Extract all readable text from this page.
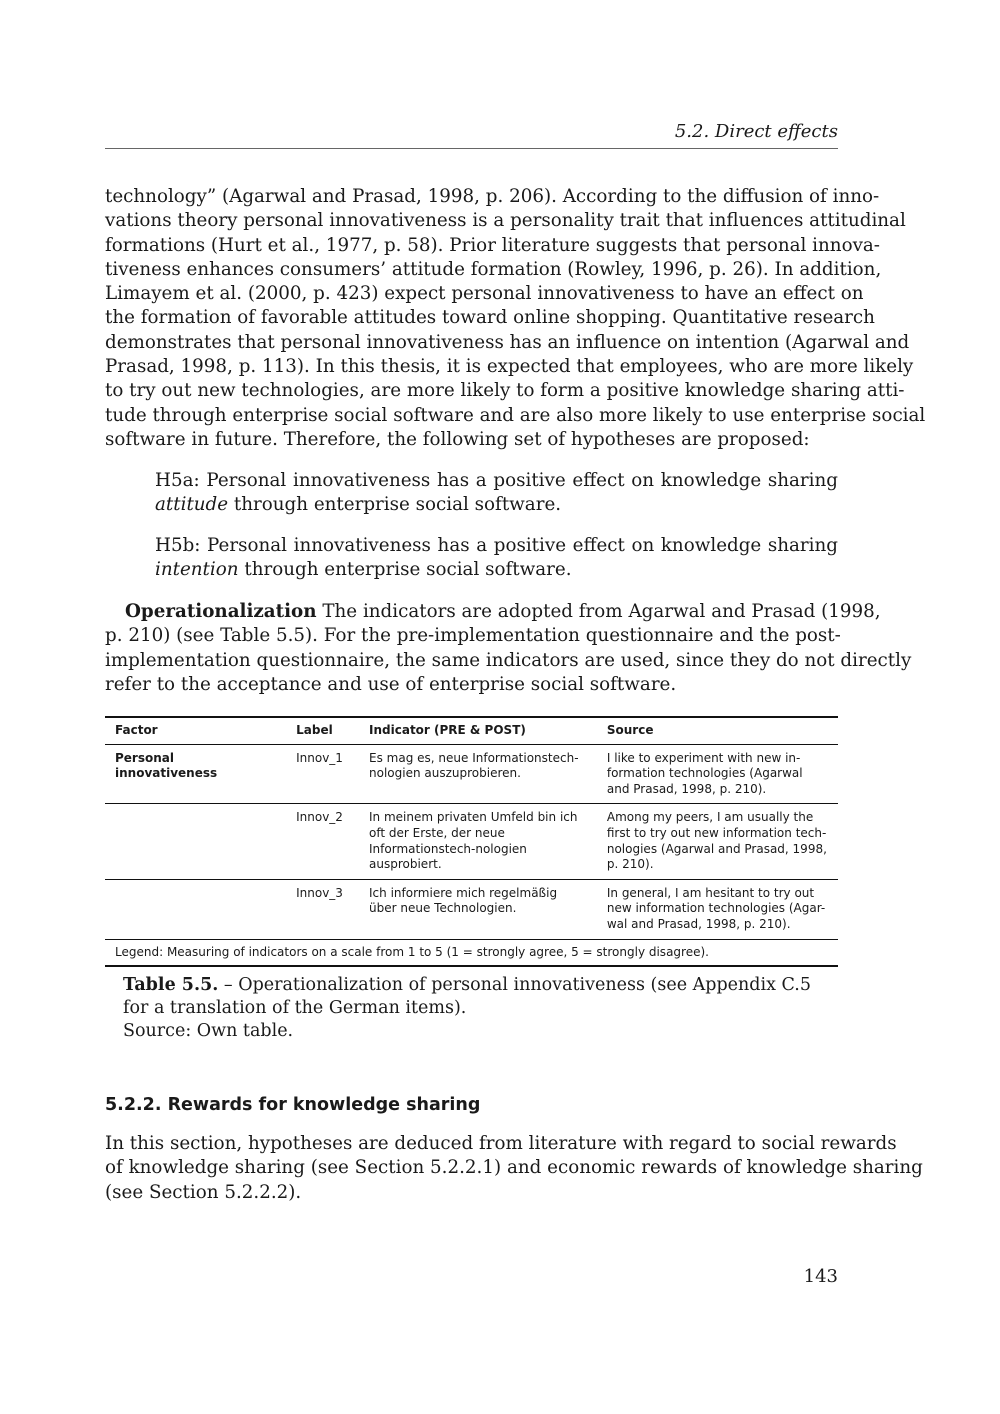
5.2. Direct effects
technology” (Agarwal and Prasad, 1998, p. 206). According to the diffusion of inno-
vations theory personal innovativeness is a personality trait that influences attitudinal
formations (Hurt et al., 1977, p. 58). Prior literature suggests that personal innova-
tiveness enhances consumers’ attitude formation (Rowley, 1996, p. 26). In addition,
Limayem et al. (2000, p. 423) expect personal innovativeness to have an effect on
the formation of favorable attitudes toward online shopping. Quantitative research
demonstrates that personal innovativeness has an influence on intention (Agarwal and
Prasad, 1998, p. 113). In this thesis, it is expected that employees, who are more likely
to try out new technologies, are more likely to form a positive knowledge sharing atti-
tude through enterprise social software and are also more likely to use enterprise social
software in future. Therefore, the following set of hypotheses are proposed:
H5a: Personal innovativeness has a positive effect on knowledge sharing
attitude through enterprise social software.
H5b: Personal innovativeness has a positive effect on knowledge sharing
intention through enterprise social software.
Operationalization The indicators are adopted from Agarwal and Prasad (1998,
p. 210) (see Table 5.5). For the pre-implementation questionnaire and the post-
implementation questionnaire, the same indicators are used, since they do not directly
refer to the acceptance and use of enterprise social software.
Factor	Label	Indicator (PRE & POST)	Source
Personal innovativeness	Innov_1	Es mag es, neue Informationstech-nologien auszuprobieren.	I like to experiment with new in-formation technologies (Agarwal and Prasad, 1998, p. 210).
	Innov_2	In meinem privaten Umfeld bin ich oft der Erste, der neue Informationstech-nologien ausprobiert.	Among my peers, I am usually the first to try out new information tech-nologies (Agarwal and Prasad, 1998, p. 210).
	Innov_3	Ich informiere mich regelmäßig über neue Technologien.	In general, I am hesitant to try out new information technologies (Agar-wal and Prasad, 1998, p. 210).
Legend: Measuring of indicators on a scale from 1 to 5 (1 = strongly agree, 5 = strongly disagree).			
Table 5.5. – Operationalization of personal innovativeness (see Appendix C.5 for a translation of the German items).
Source: Own table.
5.2.2. Rewards for knowledge sharing
In this section, hypotheses are deduced from literature with regard to social rewards
of knowledge sharing (see Section 5.2.2.1) and economic rewards of knowledge sharing
(see Section 5.2.2.2).
143
